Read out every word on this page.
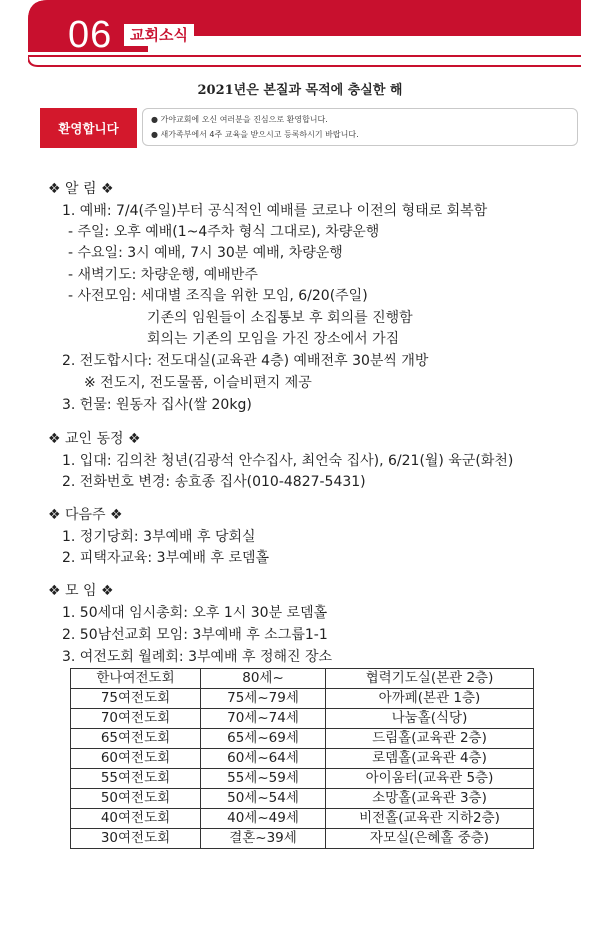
06	교회소식
2021년은 본질과 목적에 충실한 해
환영합니다
● 가야교회에 오신 여러분을 진심으로 환영합니다.
● 새가족부에서 4주 교육을 받으시고 등록하시기 바랍니다.
❖ 알 림 ❖
1. 예배: 7/4(주일)부터 공식적인 예배를 코로나 이전의 형태로 회복함
- 주일: 오후 예배(1~4주차 형식 그대로), 차량운행
- 수요일: 3시 예배, 7시 30분 예배, 차량운행
- 새벽기도: 차량운행, 예배반주
- 사전모임: 세대별 조직을 위한 모임, 6/20(주일)
기존의 임원들이 소집통보 후 회의를 진행함
회의는 기존의 모임을 가진 장소에서 가짐
2. 전도합시다: 전도대실(교육관 4층) 예배전후 30분씩 개방
※ 전도지, 전도물품, 이슬비편지 제공
3. 헌물: 원동자 집사(쌀 20kg)
❖ 교인 동정 ❖
1. 입대: 김의찬 청년(김광석 안수집사, 최언숙 집사), 6/21(월) 육군(화천)
2. 전화번호 변경: 송효종 집사(010-4827-5431)
❖ 다음주 ❖
1. 정기당회: 3부예배 후 당회실
2. 피택자교육: 3부예배 후 로뎀홀
❖ 모 임 ❖
1. 50세대 임시총회: 오후 1시 30분 로뎀홀
2. 50남선교회 모임: 3부예배 후 소그룹1-1
3. 여전도회 월례회: 3부예배 후 정해진 장소
한나여전도회	80세~	협력기도실(본관 2층)
75여전도회	75세~79세	아까페(본관 1층)
70여전도회	70세~74세	나눔홀(식당)
65여전도회	65세~69세	드림홀(교육관 2층)
60여전도회	60세~64세	로뎀홀(교육관 4층)
55여전도회	55세~59세	아이움터(교육관 5층)
50여전도회	50세~54세	소망홀(교육관 3층)
40여전도회	40세~49세	비전홀(교육관 지하2층)
30여전도회	결혼~39세	자모실(은혜홀 중층)
